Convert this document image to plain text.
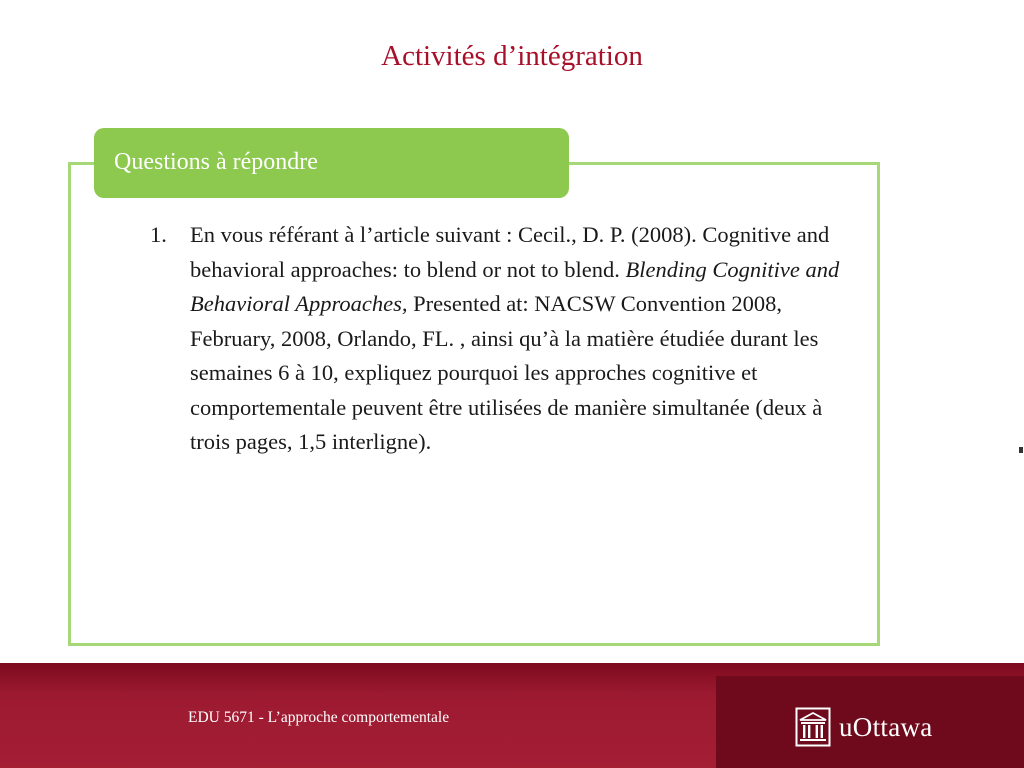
Activités d’intégration
Questions à répondre
1. En vous référant à l’article suivant : Cecil., D. P. (2008). Cognitive and behavioral approaches: to blend or not to blend. Blending Cognitive and Behavioral Approaches, Presented at: NACSW Convention 2008, February, 2008, Orlando, FL. , ainsi qu’à la matière étudiée durant les semaines 6 à 10, expliquez pourquoi les approches cognitive et comportementale peuvent être utilisées de manière simultanée (deux à trois pages, 1,5 interligne).
EDU 5671 - L’approche comportementale	uOttawa
